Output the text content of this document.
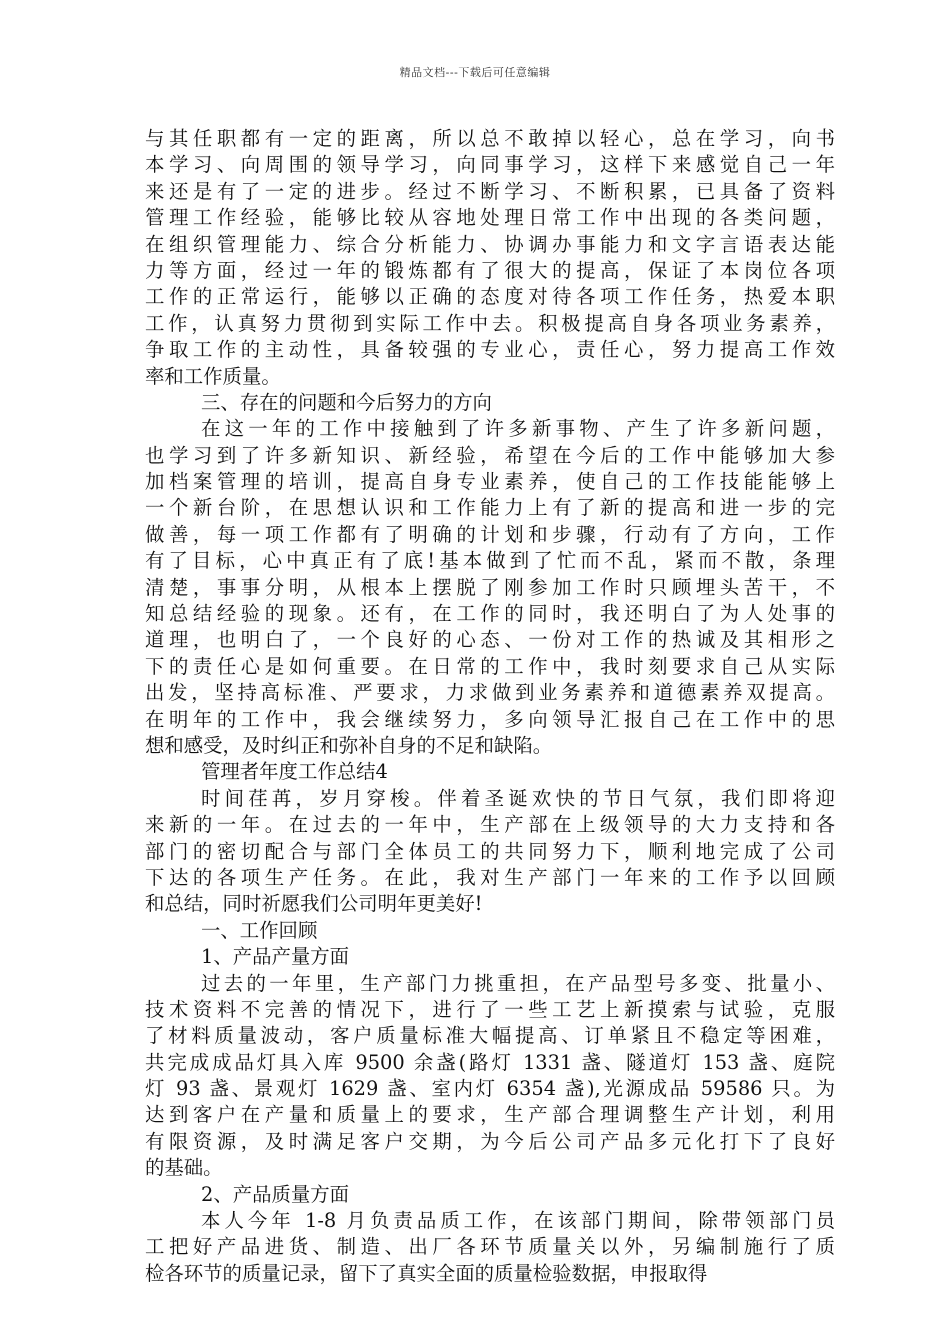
精品文档---下载后可任意编辑
与其任职都有一定的距离，所以总不敢掉以轻心，总在学习，向书
本学习、向周围的领导学习，向同事学习，这样下来感觉自己一年
来还是有了一定的进步。经过不断学习、不断积累，已具备了资料
管理工作经验，能够比较从容地处理日常工作中出现的各类问题，
在组织管理能力、综合分析能力、协调办事能力和文字言语表达能
力等方面，经过一年的锻炼都有了很大的提高，保证了本岗位各项
工作的正常运行，能够以正确的态度对待各项工作任务，热爱本职
工作，认真努力贯彻到实际工作中去。积极提高自身各项业务素养，
争取工作的主动性，具备较强的专业心，责任心，努力提高工作效
率和工作质量。
三、存在的问题和今后努力的方向
在这一年的工作中接触到了许多新事物、产生了许多新问题，
也学习到了许多新知识、新经验，希望在今后的工作中能够加大参
加档案管理的培训，提高自身专业素养，使自己的工作技能能够上
一个新台阶，在思想认识和工作能力上有了新的提高和进一步的完
做善，每一项工作都有了明确的计划和步骤，行动有了方向，工作
有了目标，心中真正有了底!基本做到了忙而不乱，紧而不散，条理
清楚，事事分明，从根本上摆脱了刚参加工作时只顾埋头苦干，不
知总结经验的现象。还有，在工作的同时，我还明白了为人处事的
道理，也明白了，一个良好的心态、一份对工作的热诚及其相形之
下的责任心是如何重要。在日常的工作中，我时刻要求自己从实际
出发，坚持高标准、严要求，力求做到业务素养和道德素养双提高。
在明年的工作中，我会继续努力，多向领导汇报自己在工作中的思
想和感受，及时纠正和弥补自身的不足和缺陷。
管理者年度工作总结4
时间荏苒，岁月穿梭。伴着圣诞欢快的节日气氛，我们即将迎
来新的一年。在过去的一年中，生产部在上级领导的大力支持和各
部门的密切配合与部门全体员工的共同努力下，顺利地完成了公司
下达的各项生产任务。在此，我对生产部门一年来的工作予以回顾
和总结，同时祈愿我们公司明年更美好!
一、工作回顾
1、产品产量方面
过去的一年里，生产部门力挑重担，在产品型号多变、批量小、
技术资料不完善的情况下，进行了一些工艺上新摸索与试验，克服
了材料质量波动，客户质量标准大幅提高、订单紧且不稳定等困难，
共完成成品灯具入库 9500 余盏(路灯 1331 盏、隧道灯 153 盏、庭院
灯 93 盏、景观灯 1629 盏、室内灯 6354 盏),光源成品 59586 只。为
达到客户在产量和质量上的要求，生产部合理调整生产计划，利用
有限资源，及时满足客户交期，为今后公司产品多元化打下了良好
的基础。
2、产品质量方面
本人今年 1-8 月负责品质工作，在该部门期间，除带领部门员
工把好产品进货、制造、出厂各环节质量关以外，另编制施行了质
检各环节的质量记录，留下了真实全面的质量检验数据，申报取得
